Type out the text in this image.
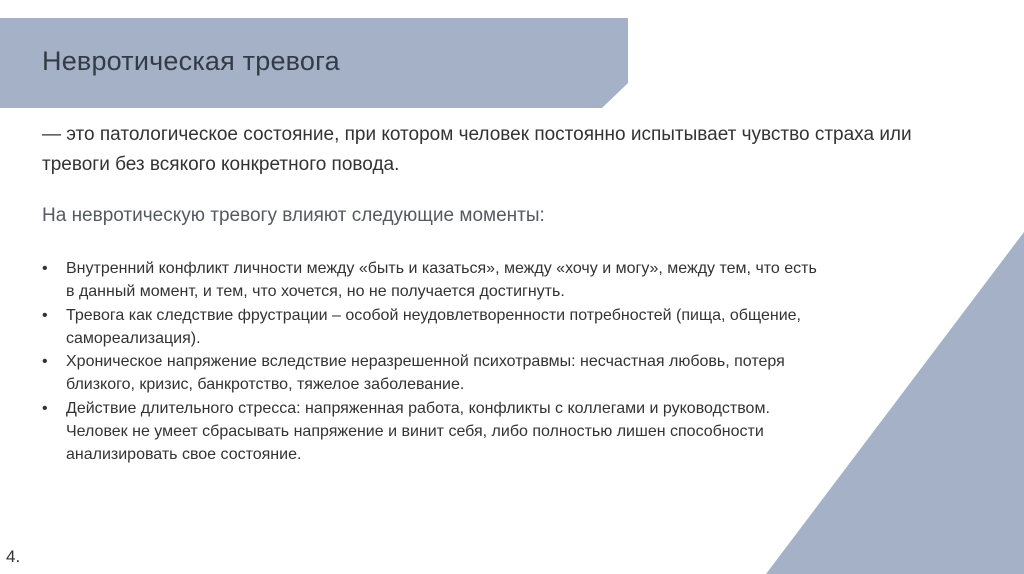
Невротическая тревога

— это патологическое состояние, при котором человек постоянно испытывает чувство страха или тревоги без всякого конкретного повода.

На невротическую тревогу влияют следующие моменты:

• Внутренний конфликт личности между «быть и казаться», между «хочу и могу», между тем, что есть в данный момент, и тем, что хочется, но не получается достигнуть.
• Тревога как следствие фрустрации – особой неудовлетворенности потребностей (пища, общение, самореализация).
• Хроническое напряжение вследствие неразрешенной психотравмы: несчастная любовь, потеря близкого, кризис, банкротство, тяжелое заболевание.
• Действие длительного стресса: напряженная работа, конфликты с коллегами и руководством. Человек не умеет сбрасывать напряжение и винит себя, либо полностью лишен способности анализировать свое состояние.
4.
